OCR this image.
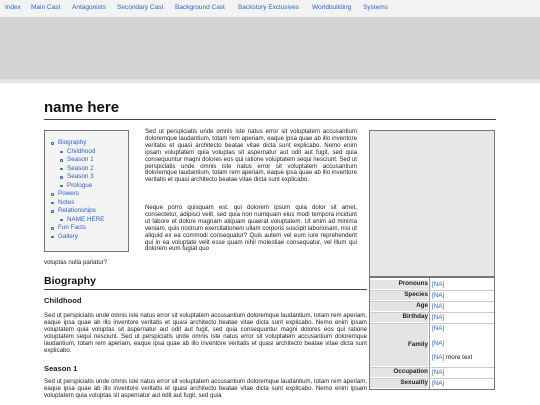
Index Main Cast Antagonists Secondary Cast Background Cast Backstory Exclusives Worldbuilding Systems
name here
Biography
Childhood
Season 1
Season 2
Season 3
Prologue
Powers
Notes
Relationships
NAME HERE
Fun Facts
Gallery

Sed ut perspiciatis unde omnis iste natus error sit voluptatem accusantium doloremque laudantium, totam rem aperiam, eaque ipsa quae ab illo inventore veritatis et quasi architecto beatae vitae dicta sunt explicabo. Nemo enim ipsam voluptatem quia voluptas sit aspernatur aut odit aut fugit, sed quia consequuntur magni dolores eos qui ratione voluptatem sequi nesciunt. Sed ut perspiciatis unde omnis iste natus error sit voluptatem accusantium doloremque laudantium, totam rem aperiam, eaque ipsa quae ab illo inventore veritatis et quasi architecto beatae vitae dicta sunt explicabo.

Neque porro quisquam est, qui dolorem ipsum quia dolor sit amet, consectetur, adipisci velit, sed quia non numquam eius modi tempora incidunt ut labore et dolore magnam aliquam quaerat voluptatem. Ut enim ad minima veniam, quis nostrum exercitationem ullam corporis suscipit laboriosam, nisi ut aliquid ex ea commodi consequatur? Quis autem vel eum iure reprehenderit qui in ea voluptate velit esse quam nihil molestiae consequatur, vel illum qui dolorem eum fugiat quo

voluptas nulla pariatur?

Pronouns [NA]
Species [NA]
Age [NA]
Birthday [NA]
Family
[NA]
[NA]
[NA] more text
Occupation [NA]
Sexuality [NA]
Biography
Childhood

Sed ut perspiciatis unde omnis iste natus error sit voluptatem accusantium doloremque laudantium, totam rem aperiam, eaque ipsa quae ab illo inventore veritatis et quasi architecto beatae vitae dicta sunt explicabo. Nemo enim ipsam voluptatem quia voluptas sit aspernatur aut odit aut fugit, sed quia consequuntur magni dolores eos qui ratione voluptatem sequi nesciunt. Sed ut perspiciatis unde omnis iste natus error sit voluptatem accusantium doloremque laudantium, totam rem aperiam, eaque ipsa quae ab illo inventore veritatis et quasi architecto beatae vitae dicta sunt explicabo.

Season 1

Sed ut perspiciatis unde omnis iste natus error sit voluptatem accusantium doloremque laudantium, totam rem aperiam, eaque ipsa quae ab illo inventore veritatis et quasi architecto beatae vitae dicta sunt explicabo. Nemo enim ipsam voluptatem quia voluptas sit aspernatur aut odit aut fugit, sed quia
